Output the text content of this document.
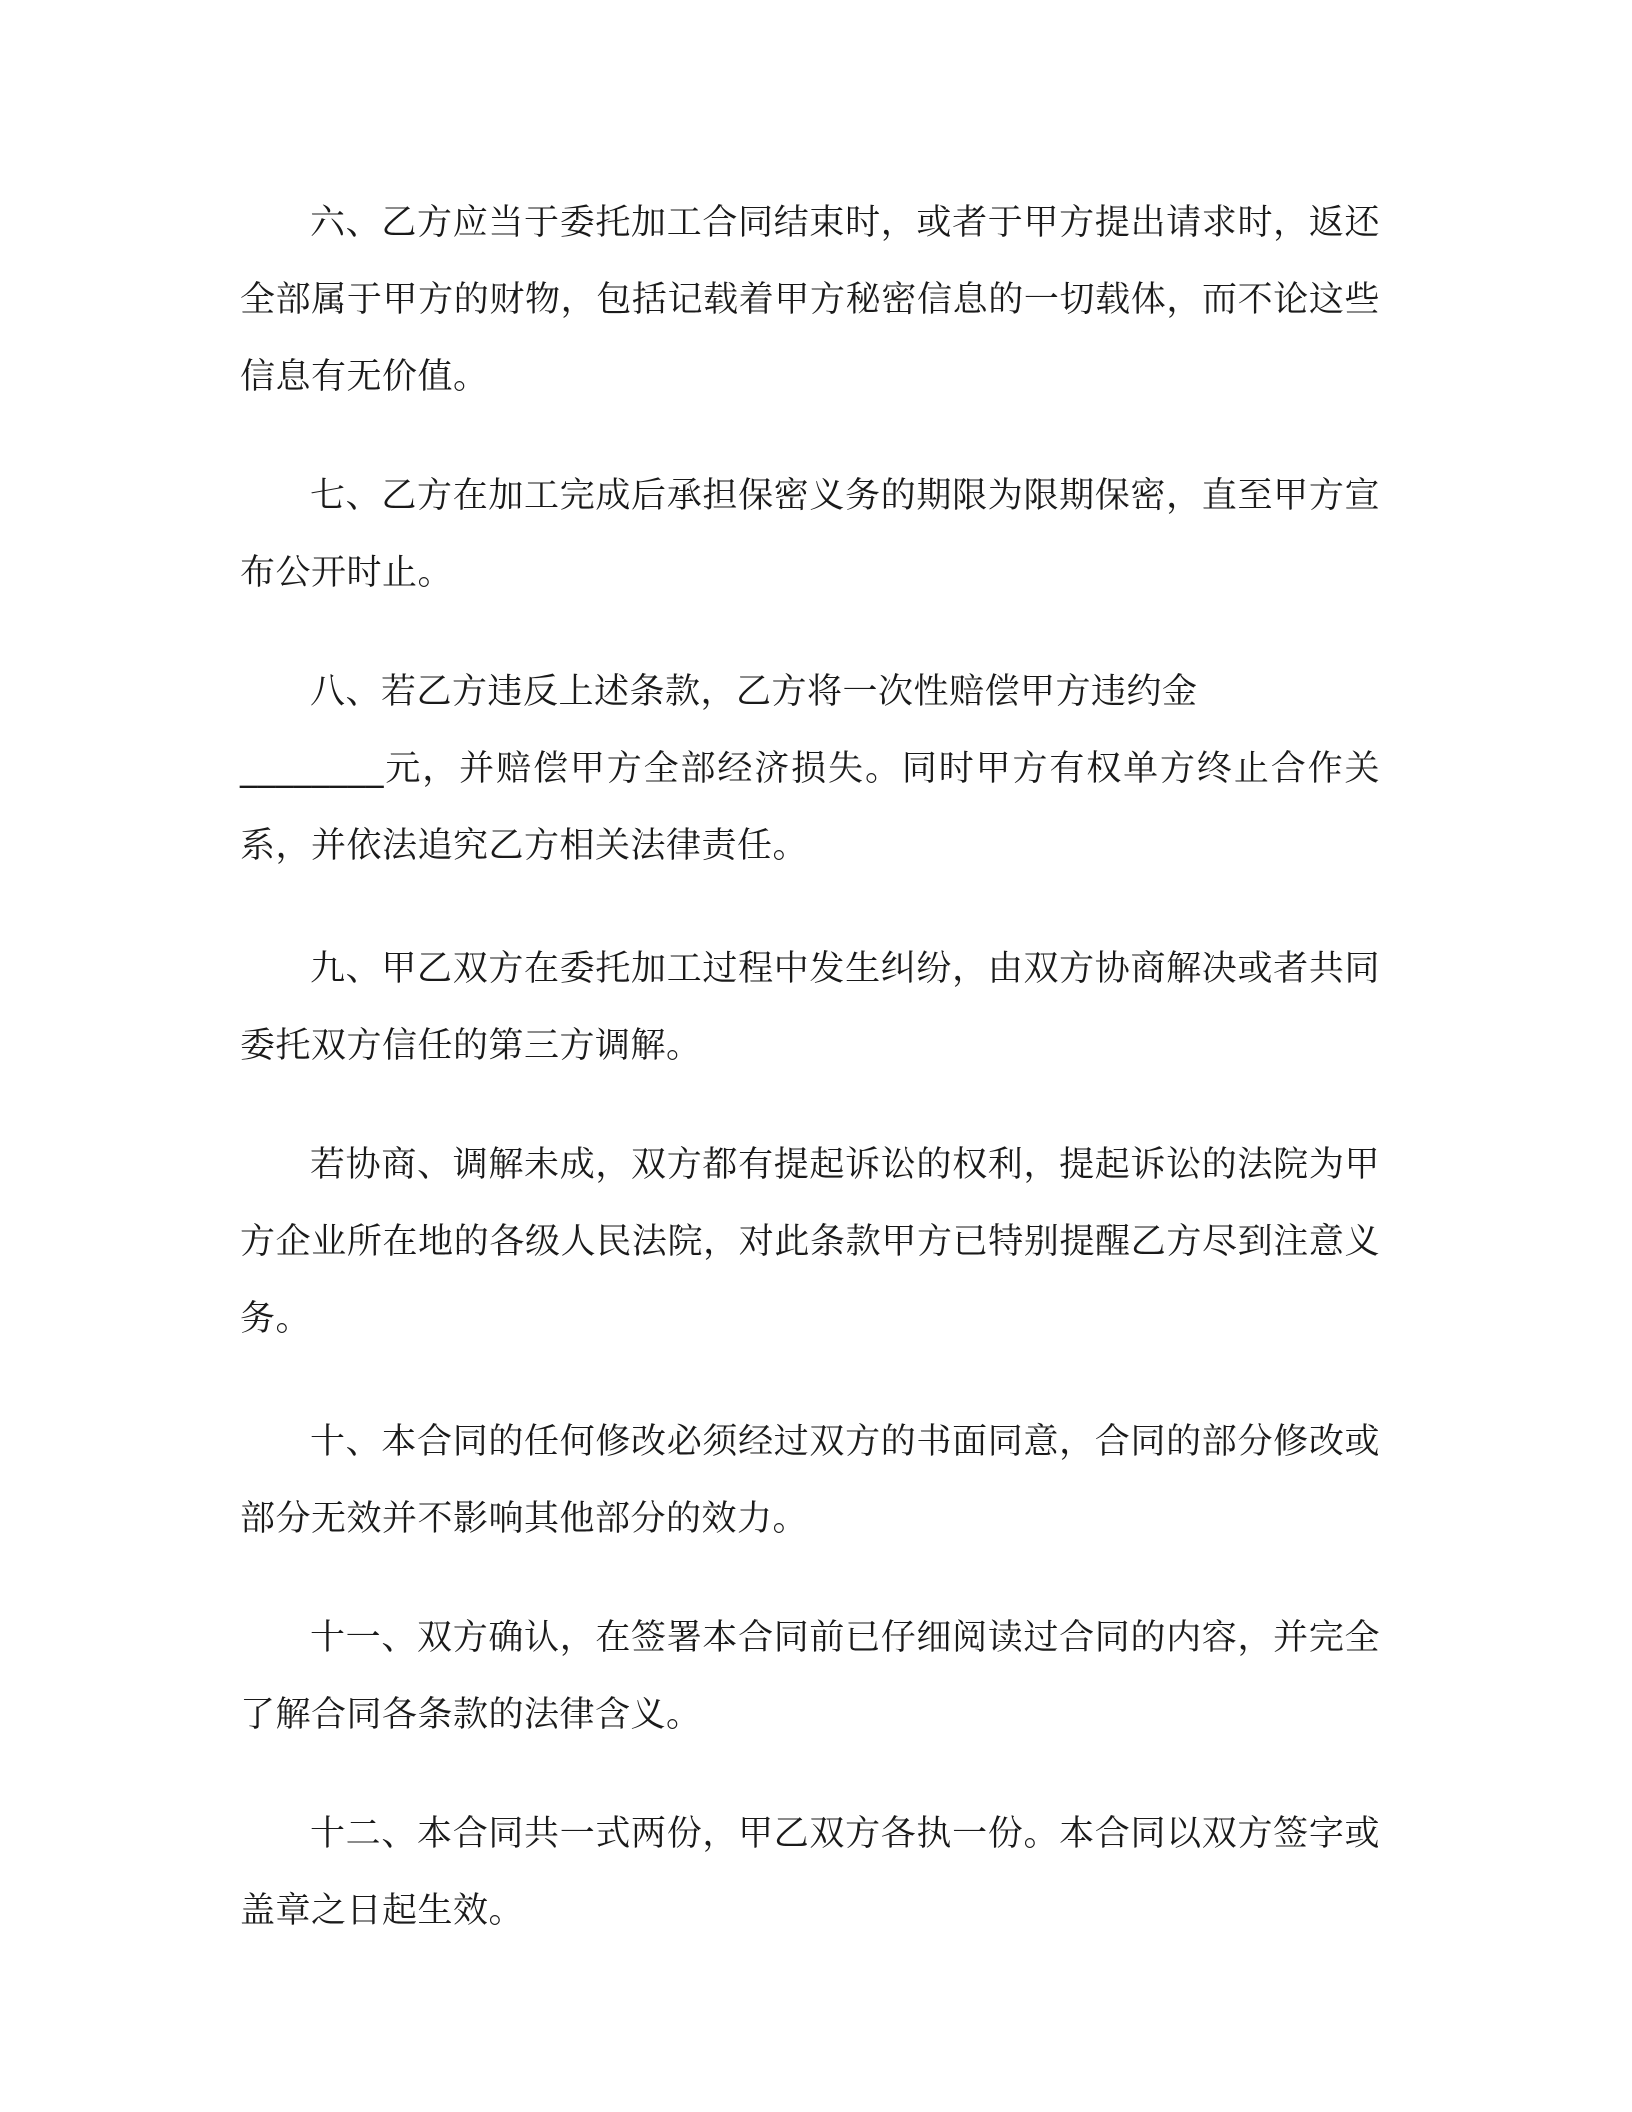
六、乙方应当于委托加工合同结束时，或者于甲方提出请求时，返还全部属于甲方的财物，包括记载着甲方秘密信息的一切载体，而不论这些信息有无价值。

七、乙方在加工完成后承担保密义务的期限为限期保密，直至甲方宣布公开时止。

八、若乙方违反上述条款，乙方将一次性赔偿甲方违约金
________元，并赔偿甲方全部经济损失。同时甲方有权单方终止合作关系，并依法追究乙方相关法律责任。

九、甲乙双方在委托加工过程中发生纠纷，由双方协商解决或者共同委托双方信任的第三方调解。

若协商、调解未成，双方都有提起诉讼的权利，提起诉讼的法院为甲方企业所在地的各级人民法院，对此条款甲方已特别提醒乙方尽到注意义务。

十、本合同的任何修改必须经过双方的书面同意，合同的部分修改或部分无效并不影响其他部分的效力。

十一、双方确认，在签署本合同前已仔细阅读过合同的内容，并完全了解合同各条款的法律含义。

十二、本合同共一式两份，甲乙双方各执一份。本合同以双方签字或盖章之日起生效。
